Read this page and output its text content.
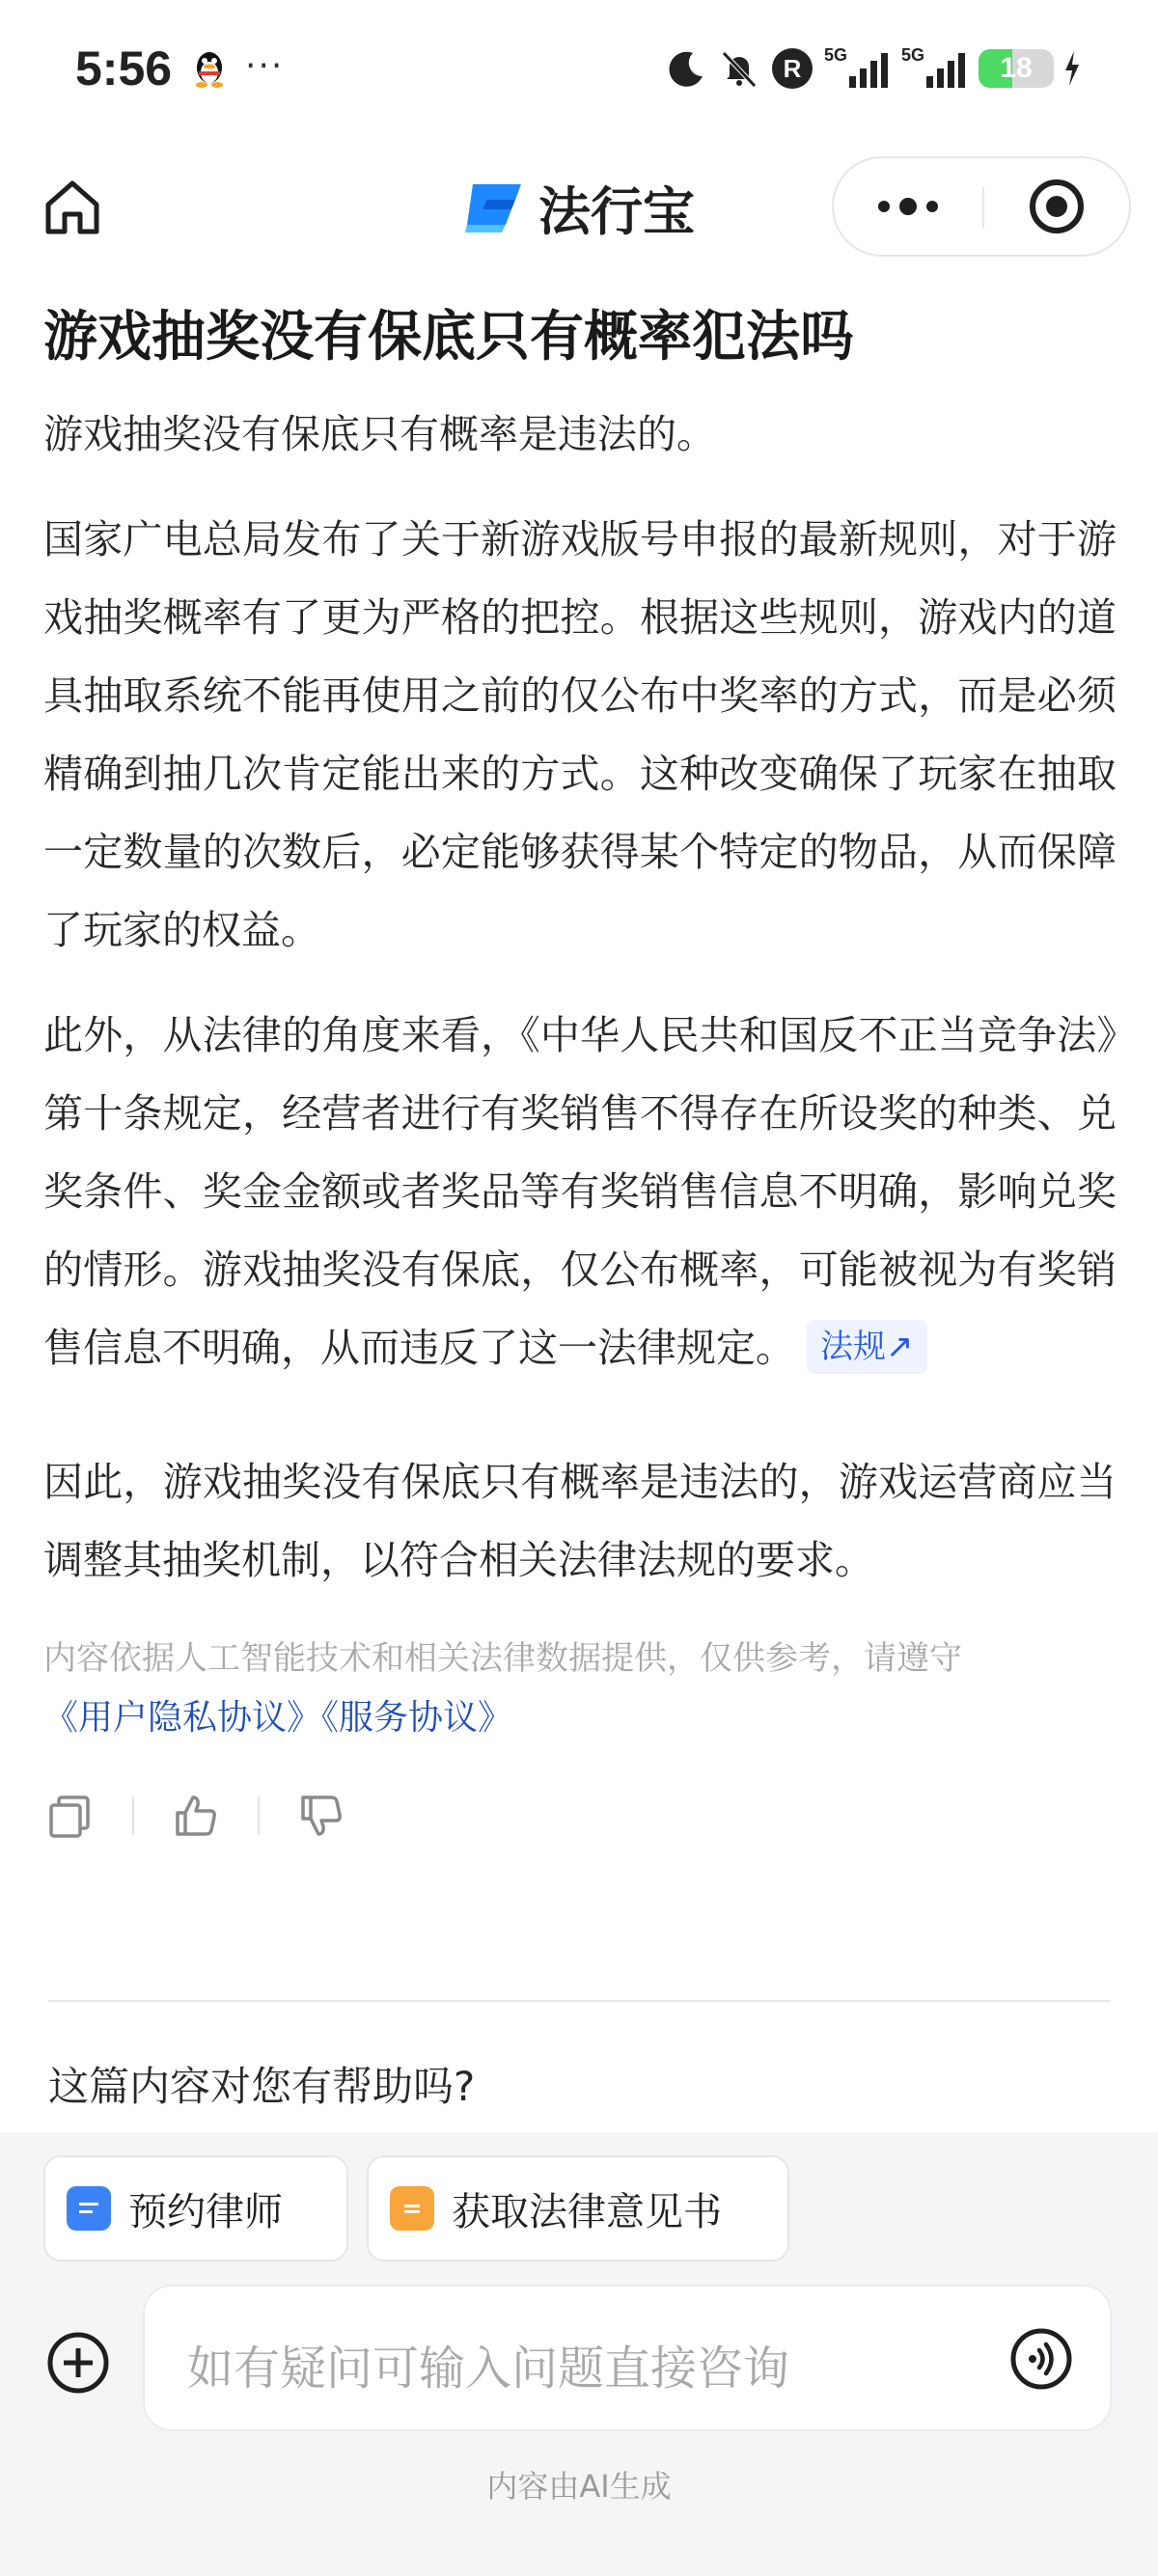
5:56 ···	R 5G	5G	18
法行宝
游戏抽奖没有保底只有概率犯法吗

游戏抽奖没有保底只有概率是违法的。

国家广电总局发布了关于新游戏版号申报的最新规则，对于游戏抽奖概率有了更为严格的把控。根据这些规则，游戏内的道具抽取系统不能再使用之前的仅公布中奖率的方式，而是必须精确到抽几次肯定能出来的方式。这种改变确保了玩家在抽取一定数量的次数后，必定能够获得某个特定的物品，从而保障了玩家的权益。

此外，从法律的角度来看，《中华人民共和国反不正当竞争法》第十条规定，经营者进行有奖销售不得存在所设奖的种类、兑奖条件、奖金金额或者奖品等有奖销售信息不明确，影响兑奖的情形。游戏抽奖没有保底，仅公布概率，可能被视为有奖销售信息不明确，从而违反了这一法律规定。 法规↗

因此，游戏抽奖没有保底只有概率是违法的，游戏运营商应当调整其抽奖机制，以符合相关法律法规的要求。

内容依据人工智能技术和相关法律数据提供，仅供参考，请遵守
《用户隐私协议》《服务协议》
这篇内容对您有帮助吗?
预约律师	获取法律意见书
如有疑问可输入问题直接咨询
内容由AI生成
